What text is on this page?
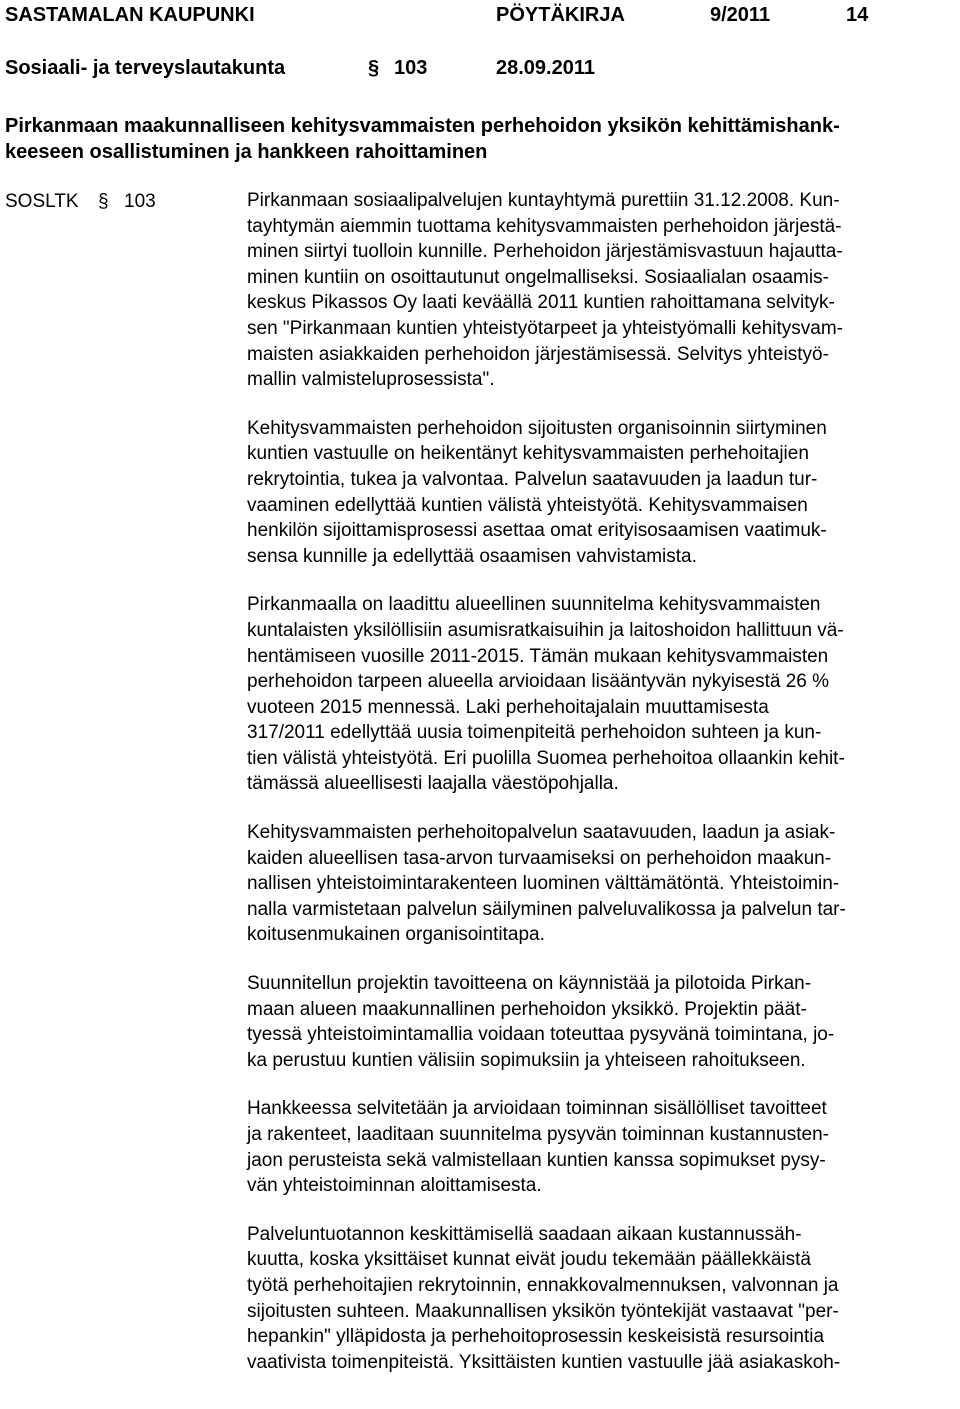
SASTAMALAN KAUPUNKI	PÖYTÄKIRJA	9/2011	14
Sosiaali- ja terveyslautakunta	§ 103	28.09.2011
Pirkanmaan maakunnalliseen kehitysvammaisten perhehoidon yksikön kehittämishank-
keeseen osallistuminen ja hankkeen rahoittaminen
SOSLTK § 103	Pirkanmaan sosiaalipalvelujen kuntayhtymä purettiin 31.12.2008. Kun-
tayhtymän aiemmin tuottama kehitysvammaisten perhehoidon järjestä-
minen siirtyi tuolloin kunnille. Perhehoidon järjestämisvastuun hajautta-
minen kuntiin on osoittautunut ongelmalliseksi. Sosiaalialan osaamis-
keskus Pikassos Oy laati keväällä 2011 kuntien rahoittamana selvityk-
sen "Pirkanmaan kuntien yhteistyötarpeet ja yhteistyömalli kehitysvam-
maisten asiakkaiden perhehoidon järjestämisessä. Selvitys yhteistyö-
mallin valmisteluprosessista".
Kehitysvammaisten perhehoidon sijoitusten organisoinnin siirtyminen
kuntien vastuulle on heikentänyt kehitysvammaisten perhehoitajien
rekrytointia, tukea ja valvontaa. Palvelun saatavuuden ja laadun tur-
vaaminen edellyttää kuntien välistä yhteistyötä. Kehitysvammaisen
henkilön sijoittamisprosessi asettaa omat erityisosaamisen vaatimuk-
sensa kunnille ja edellyttää osaamisen vahvistamista.
Pirkanmaalla on laadittu alueellinen suunnitelma kehitysvammaisten
kuntalaisten yksilöllisiin asumisratkaisuihin ja laitoshoidon hallittuun vä-
hentämiseen vuosille 2011-2015. Tämän mukaan kehitysvammaisten
perhehoidon tarpeen alueella arvioidaan lisääntyvän nykyisestä 26 %
vuoteen 2015 mennessä. Laki perhehoitajalain muuttamisesta
317/2011 edellyttää uusia toimenpiteitä perhehoidon suhteen ja kun-
tien välistä yhteistyötä. Eri puolilla Suomea perhehoitoa ollaankin kehit-
tämässä alueellisesti laajalla väestöpohjalla.
Kehitysvammaisten perhehoitopalvelun saatavuuden, laadun ja asiak-
kaiden alueellisen tasa-arvon turvaamiseksi on perhehoidon maakun-
nallisen yhteistoimintarakenteen luominen välttämätöntä. Yhteistoimin-
nalla varmistetaan palvelun säilyminen palveluvalikossa ja palvelun tar-
koitusenmukainen organisointitapa.
Suunnitellun projektin tavoitteena on käynnistää ja pilotoida Pirkan-
maan alueen maakunnallinen perhehoidon yksikkö. Projektin päät-
tyessä yhteistoimintamallia voidaan toteuttaa pysyvänä toimintana, jo-
ka perustuu kuntien välisiin sopimuksiin ja yhteiseen rahoitukseen.
Hankkeessa selvitetään ja arvioidaan toiminnan sisällölliset tavoitteet
ja rakenteet, laaditaan suunnitelma pysyvän toiminnan kustannusten-
jaon perusteista sekä valmistellaan kuntien kanssa sopimukset pysy-
vän yhteistoiminnan aloittamisesta.
Palveluntuotannon keskittämisellä saadaan aikaan kustannussäh-
kuutta, koska yksittäiset kunnat eivät joudu tekemään päällekkäistä
työtä perhehoitajien rekrytoinnin, ennakkovalmennuksen, valvonnan ja
sijoitusten suhteen. Maakunnallisen yksikön työntekijät vastaavat "per-
hepankin" ylläpidosta ja perhehoitoprosessin keskeisistä resursointia
vaativista toimenpiteistä. Yksittäisten kuntien vastuulle jää asiakaskoh-
